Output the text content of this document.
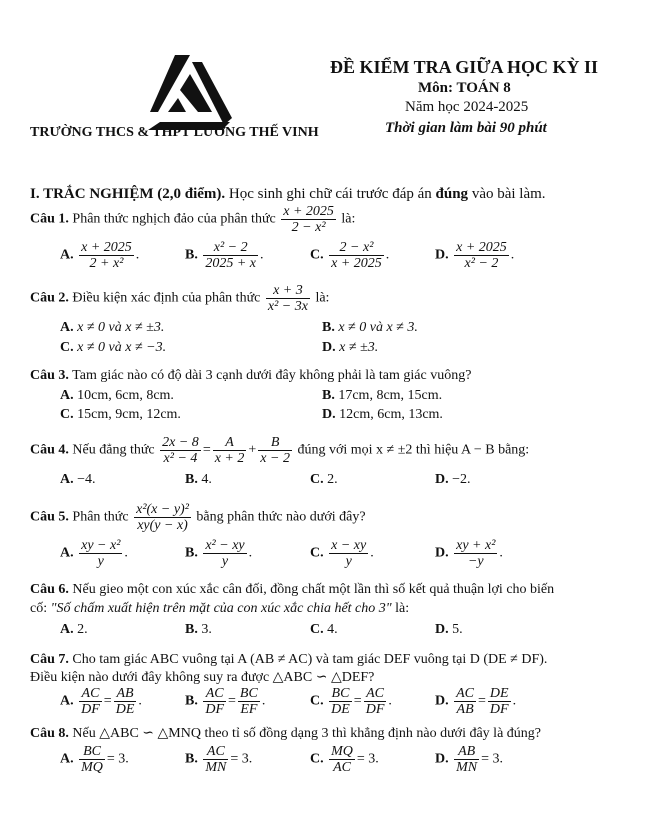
TRƯỜNG THCS & THPT LƯƠNG THẾ VINH
ĐỀ KIỂM TRA GIỮA HỌC KỲ II
Môn: TOÁN 8
Năm học 2024-2025
Thời gian làm bài 90 phút
I. TRẮC NGHIỆM (2,0 điểm). Học sinh ghi chữ cái trước đáp án đúng vào bài làm.
Câu 1. Phân thức nghịch đảo của phân thức $\frac{x + 2025}{\text{2 − x²}}$ là:
A. $\frac{x + 2025}{\text{2 + x²}}$ .	B. $\frac{\text{x² − 2}}{2025 + x}$ .	C. $\frac{\text{2 − x²}}{x + 2025}$ .	D. $\frac{x + 2025}{\text{x² − 2}}$ .
Câu 2. Điều kiện xác định của phân thức $\frac{x + 3}{\text{x² − 3x}}$ là:
A. x ≠ 0 và x ≠ ±3.	B. x ≠ 0 và x ≠ 3.
C. x ≠ 0 và x ≠ −3.	D. x ≠ ±3.
Câu 3. Tam giác nào có độ dài 3 cạnh dưới đây không phải là tam giác vuông?
A. 10cm, 6cm, 8cm.	B. 17cm, 8cm, 15cm.
C. 15cm, 9cm, 12cm.	D. 12cm, 6cm, 13cm.
Câu 4. Nếu đẳng thức $\frac{2x - 8}{\text{x² − 4}} = \frac{A}{x + 2} + \frac{B}{x - 2}$ đúng với mọi x ≠ ±2 thì hiệu A − B bằng:
A. −4.	B. 4.	C. 2.	D. −2.
Câu 5. Phân thức $\frac{\text{x²(x − y)²}}{xy(y - x)}$ bằng phân thức nào dưới đây?
A. $\frac{\text{xy − x²}}{y}$ .	B. $\frac{\text{x² − xy}}{y}$ .	C. $\frac{x - xy}{y}$ .	D. $\frac{\text{xy + x²}}{-y}$ .
Câu 6. Nếu gieo một con xúc xắc cân đối, đồng chất một lần thì số kết quả thuận lợi cho biến
cố: "Số chấm xuất hiện trên mặt của con xúc xắc chia hết cho 3" là:
A. 2.	B. 3.	C. 4.	D. 5.
Câu 7. Cho tam giác ABC vuông tại A (AB ≠ AC) và tam giác DEF vuông tại D (DE ≠ DF).
Điều kiện nào dưới đây không suy ra được △ABC ∽ △DEF?
A. $\frac{AC}{DF} = \frac{AB}{DE}$ .	B. $\frac{AC}{DF} = \frac{BC}{EF}$ .	C. $\frac{BC}{DE} = \frac{AC}{DF}$ .	D. $\frac{AC}{AB} = \frac{DE}{DF}$ .
Câu 8. Nếu △ABC ∽ △MNQ theo tỉ số đồng dạng 3 thì khẳng định nào dưới đây là đúng?
A. $\frac{BC}{MQ} = 3$.	B. $\frac{AC}{MN} = 3$.	C. $\frac{MQ}{AC} = 3$.	D. $\frac{AB}{MN} = 3$.
